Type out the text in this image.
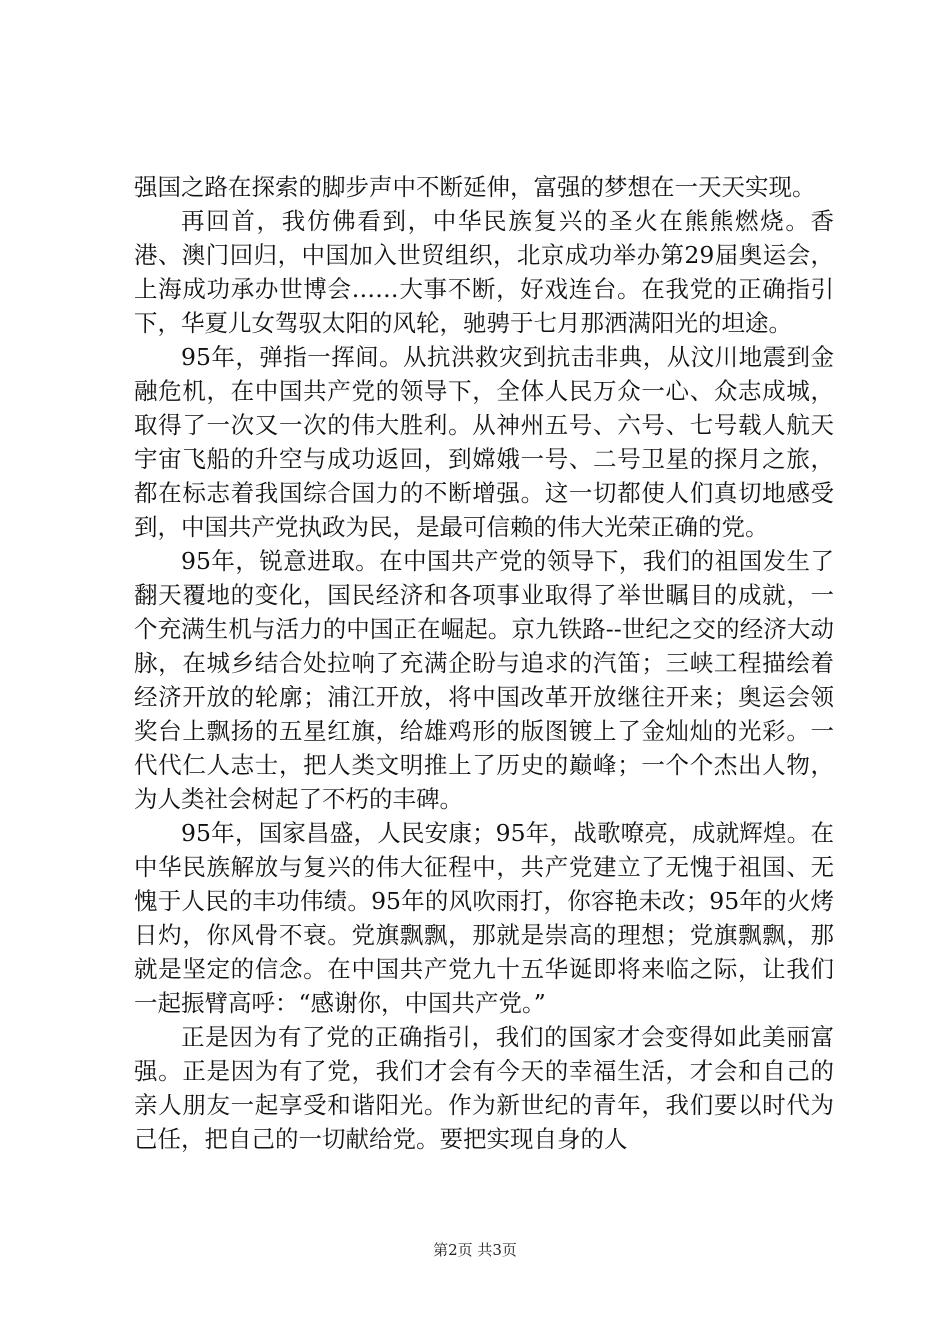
强国之路在探索的脚步声中不断延伸，富强的梦想在一天天实现。

再回首，我仿佛看到，中华民族复兴的圣火在熊熊燃烧。香港、澳门回归，中国加入世贸组织，北京成功举办第29届奥运会，上海成功承办世博会……大事不断，好戏连台。在我党的正确指引下，华夏儿女驾驭太阳的风轮，驰骋于七月那洒满阳光的坦途。

95年，弹指一挥间。从抗洪救灾到抗击非典，从汶川地震到金融危机，在中国共产党的领导下，全体人民万众一心、众志成城，取得了一次又一次的伟大胜利。从神州五号、六号、七号载人航天宇宙飞船的升空与成功返回，到嫦娥一号、二号卫星的探月之旅，都在标志着我国综合国力的不断增强。这一切都使人们真切地感受到，中国共产党执政为民，是最可信赖的伟大光荣正确的党。

95年，锐意进取。在中国共产党的领导下，我们的祖国发生了翻天覆地的变化，国民经济和各项事业取得了举世瞩目的成就，一个充满生机与活力的中国正在崛起。京九铁路--世纪之交的经济大动脉，在城乡结合处拉响了充满企盼与追求的汽笛；三峡工程描绘着经济开放的轮廓；浦江开放，将中国改革开放继往开来；奥运会领奖台上飘扬的五星红旗，给雄鸡形的版图镀上了金灿灿的光彩。一代代仁人志士，把人类文明推上了历史的巅峰；一个个杰出人物，为人类社会树起了不朽的丰碑。

95年，国家昌盛，人民安康；95年，战歌嘹亮，成就辉煌。在中华民族解放与复兴的伟大征程中，共产党建立了无愧于祖国、无愧于人民的丰功伟绩。95年的风吹雨打，你容艳未改；95年的火烤日灼，你风骨不衰。党旗飘飘，那就是崇高的理想；党旗飘飘，那就是坚定的信念。在中国共产党九十五华诞即将来临之际，让我们一起振臂高呼：“感谢你，中国共产党。”

正是因为有了党的正确指引，我们的国家才会变得如此美丽富强。正是因为有了党，我们才会有今天的幸福生活，才会和自己的亲人朋友一起享受和谐阳光。作为新世纪的青年，我们要以时代为己任，把自己的一切献给党。要把实现自身的人

第2页 共3页
